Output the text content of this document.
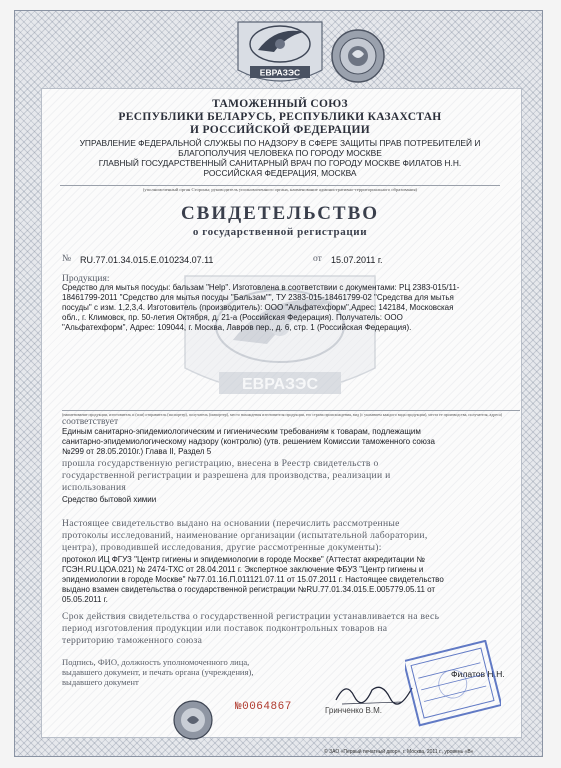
ЕВРАЗЭС
ЕВРАЗЭС

ТАМОЖЕННЫЙ СОЮЗ

РЕСПУБЛИКИ БЕЛАРУСЬ, РЕСПУБЛИКИ КАЗАХСТАН

И РОССИЙСКОЙ ФЕДЕРАЦИИ

УПРАВЛЕНИЕ ФЕДЕРАЛЬНОЙ СЛУЖБЫ ПО НАДЗОРУ В СФЕРЕ ЗАЩИТЫ ПРАВ ПОТРЕБИТЕЛЕЙ И

БЛАГОПОЛУЧИЯ ЧЕЛОВЕКА ПО ГОРОДУ МОСКВЕ

ГЛАВНЫЙ ГОСУДАРСТВЕННЫЙ САНИТАРНЫЙ ВРАЧ ПО ГОРОДУ МОСКВЕ ФИЛАТОВ Н.Н.

РОССИЙСКАЯ ФЕДЕРАЦИЯ, МОСКВА

(уполномоченный орган Стороны; руководитель уполномоченного органа, наименование административно-территориального образования)

СВИДЕТЕЛЬСТВО

о государственной регистрации

№ RU.77.01.34.015.Е.010234.07.11	от 15.07.2011 г.
Продукция:

Средство для мытья посуды: бальзам "Help". Изготовлена в соответствии с документами: РЦ 2383-015/11-

18461799-2011 "Средство для мытья посуды "Бальзам"", ТУ 2383-015-18461799-02 "Средства для мытья

посуды" с изм. 1,2,3,4. Изготовитель (производитель): ООО "Альфатехформ",Адрес: 142184, Московская

обл., г. Климовск, пр. 50-летия Октября, д. 21-а (Российская Федерация). Получатель: ООО

"Альфатехформ", Адрес: 109044, г. Москва, Лавров пер., д. 6, стр. 1 (Российская Федерация).

(наименование продукции, изготовитель и (или) отправитель (экспортер), получатель (импортер), место нахождения изготовителя продукции, его страна происхождения, вид (с указанием каждого вида продукции), места ее производства, получателя, адреса)

соответствует

Единым санитарно-эпидемиологическим и гигиеническим требованиям к товарам, подлежащим

санитарно-эпидемиологическому надзору (контролю) (утв. решением Комиссии таможенного союза

№299 от 28.05.2010г.) Глава II, Раздел 5

прошла государственную регистрацию, внесена в Реестр свидетельств о

государственной регистрации и разрешена для производства, реализации и

использования

Средство бытовой химии

Настоящее свидетельство выдано на основании (перечислить рассмотренные

протоколы исследований, наименование организации (испытательной лаборатории,

центра), проводившей исследования, другие рассмотренные документы):

протокол ИЦ ФГУЗ "Центр гигиены и эпидемиологии в городе Москве" (Аттестат аккредитации №

ГСЭН.RU.ЦОА.021) № 2474-ТХС от 28.04.2011 г. Экспертное заключение ФБУЗ "Центр гигиены и

эпидемиологии в городе Москве" №77.01.16.П.011121.07.11 от 15.07.2011 г. Настоящее свидетельство

выдано взамен свидетельства о государственной регистрации №RU.77.01.34.015.Е.005779.05.11 от

05.05.2011 г.

Срок действия свидетельства о государственной регистрации устанавливается на весь

период изготовления продукции или поставок подконтрольных товаров на

территорию таможенного союза

Подпись, ФИО, должность уполномоченного лица,

выдавшего документ, и печать органа (учреждения),

выдавшего документ

Филатов Н.Н.

Гринченко В.М.

№0064867

© ЗАО «Первый печатный двор», г. Москва, 2011 г., уровень «В»
